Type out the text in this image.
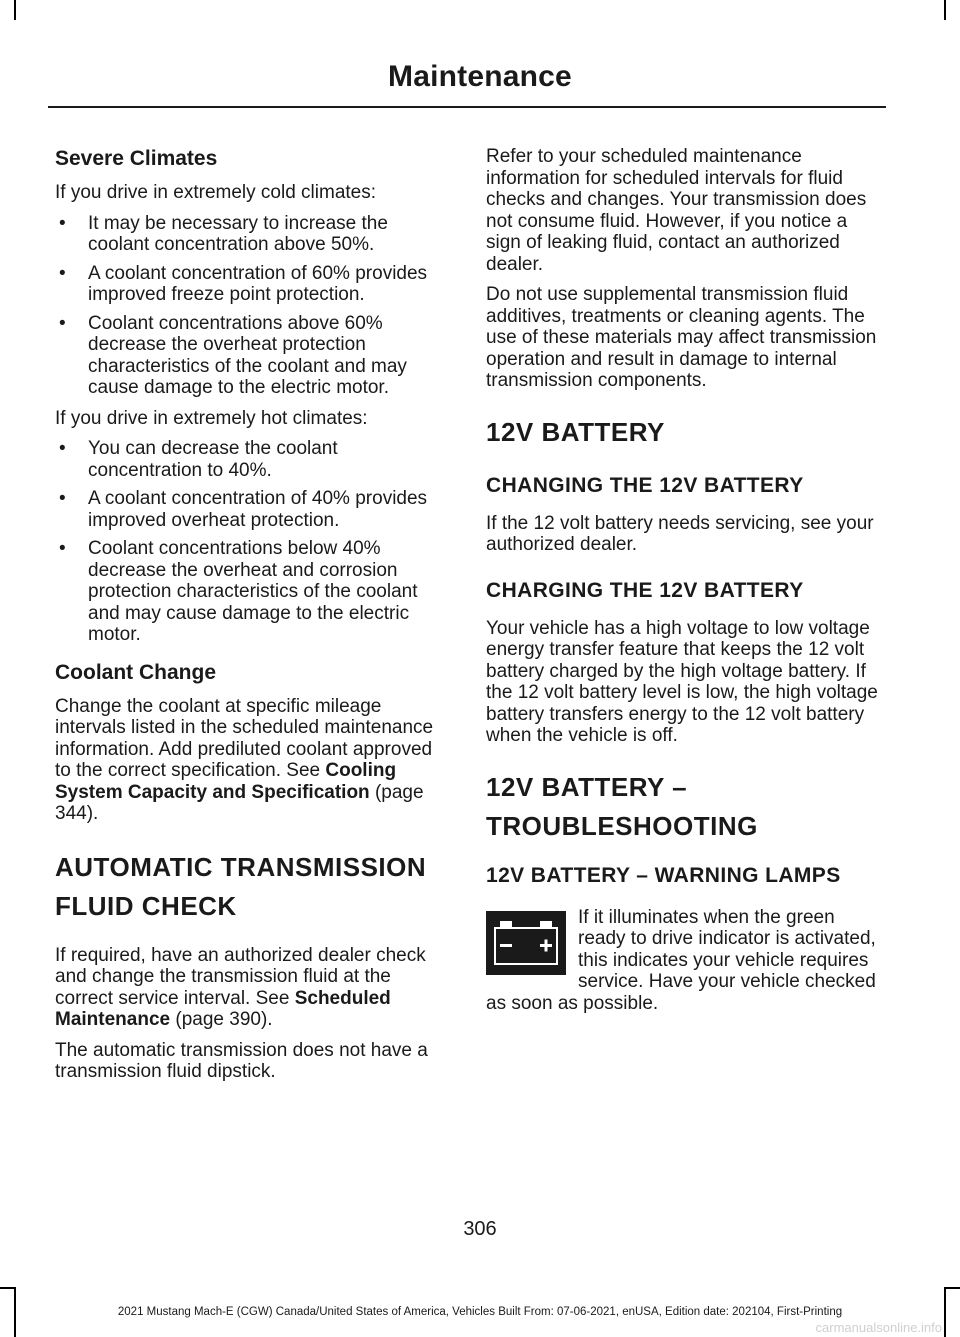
Maintenance
Severe Climates

If you drive in extremely cold climates:

• It may be necessary to increase the coolant concentration above 50%.
• A coolant concentration of 60% provides improved freeze point protection.
• Coolant concentrations above 60% decrease the overheat protection characteristics of the coolant and may cause damage to the electric motor.

If you drive in extremely hot climates:

• You can decrease the coolant concentration to 40%.
• A coolant concentration of 40% provides improved overheat protection.
• Coolant concentrations below 40% decrease the overheat and corrosion protection characteristics of the coolant and may cause damage to the electric motor.
Coolant Change

Change the coolant at specific mileage intervals listed in the scheduled maintenance information. Add prediluted coolant approved to the correct specification. See Cooling System Capacity and Specification (page 344).

AUTOMATIC TRANSMISSION
FLUID CHECK

If required, have an authorized dealer check and change the transmission fluid at the correct service interval. See Scheduled Maintenance (page 390).

The automatic transmission does not have a transmission fluid dipstick.

Refer to your scheduled maintenance information for scheduled intervals for fluid checks and changes. Your transmission does not consume fluid. However, if you notice a sign of leaking fluid, contact an authorized dealer.

Do not use supplemental transmission fluid additives, treatments or cleaning agents. The use of these materials may affect transmission operation and result in damage to internal transmission components.

12V BATTERY
CHANGING THE 12V BATTERY

If the 12 volt battery needs servicing, see your authorized dealer.

CHARGING THE 12V BATTERY

Your vehicle has a high voltage to low voltage energy transfer feature that keeps the 12 volt battery charged by the high voltage battery. If the 12 volt battery level is low, the high voltage battery transfers energy to the 12 volt battery when the vehicle is off.

12V BATTERY –
TROUBLESHOOTING
12V BATTERY – WARNING LAMPS

If it illuminates when the green ready to drive indicator is activated, this indicates your vehicle requires service. Have your vehicle checked as soon as possible.

306
2021 Mustang Mach-E (CGW) Canada/United States of America, Vehicles Built From: 07-06-2021, enUSA, Edition date: 202104, First-Printing
carmanualsonline.info
